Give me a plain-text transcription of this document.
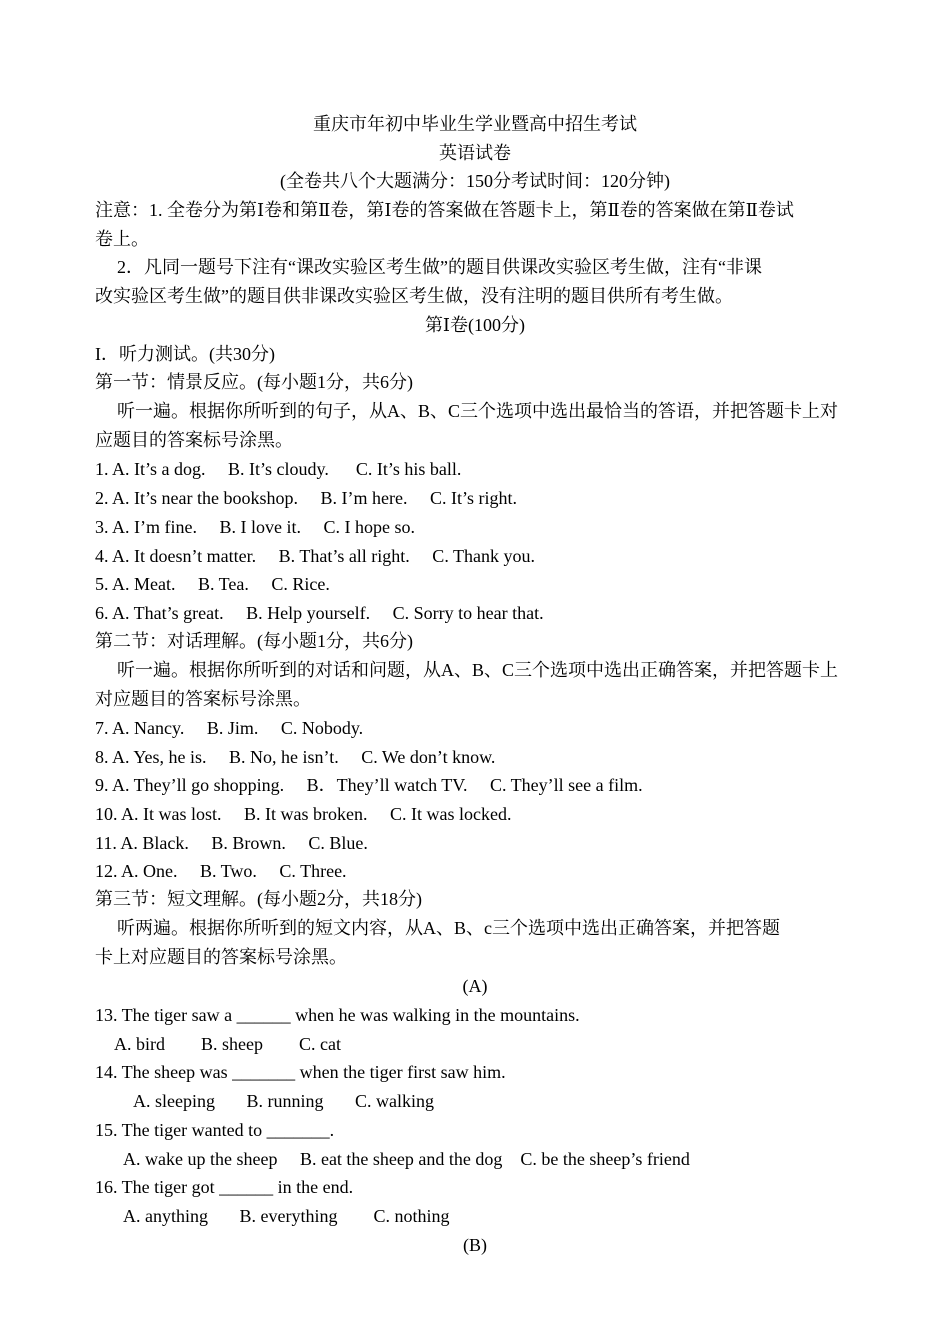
重庆市年初中毕业生学业暨高中招生考试
英语试卷
(全卷共八个大题满分：150分考试时间：120分钟)
注意：1. 全卷分为第Ⅰ卷和第Ⅱ卷，第Ⅰ卷的答案做在答题卡上，第Ⅱ卷的答案做在第Ⅱ卷试
卷上。
2．凡同一题号下注有“课改实验区考生做”的题目供课改实验区考生做，注有“非课
改实验区考生做”的题目供非课改实验区考生做，没有注明的题目供所有考生做。
第Ⅰ卷(100分)
I．听力测试。(共30分)
第一节：情景反应。(每小题1分，共6分)
听一遍。根据你所听到的句子，从A、B、C三个选项中选出最恰当的答语，并把答题卡上对
应题目的答案标号涂黑。
1. A. It’s a dog.     B. It’s cloudy.      C. It’s his ball.
2. A. It’s near the bookshop.     B. I’m here.     C. It’s right.
3. A. I’m fine.     B. I love it.     C. I hope so.
4. A. It doesn’t matter.     B. That’s all right.     C. Thank you.
5. A. Meat.     B. Tea.     C. Rice.
6. A. That’s great.     B. Help yourself.     C. Sorry to hear that.
第二节：对话理解。(每小题1分，共6分)
听一遍。根据你所听到的对话和问题，从A、B、C三个选项中选出正确答案，并把答题卡上
对应题目的答案标号涂黑。
7. A. Nancy.     B. Jim.     C. Nobody.
8. A. Yes, he is.     B. No, he isn’t.     C. We don’t know.
9. A. They’ll go shopping.     B．They’ll watch TV.     C. They’ll see a film.
10. A. It was lost.     B. It was broken.     C. It was locked.
11. A. Black.     B. Brown.     C. Blue.
12. A. One.     B. Two.     C. Three.
第三节：短文理解。(每小题2分，共18分)
听两遍。根据你所听到的短文内容，从A、B、c三个选项中选出正确答案，并把答题
卡上对应题目的答案标号涂黑。
(A)
13. The tiger saw a ______ when he was walking in the mountains.
A. bird        B. sheep        C. cat
14. The sheep was _______ when the tiger first saw him.
A. sleeping       B. running       C. walking
15. The tiger wanted to _______.
A. wake up the sheep     B. eat the sheep and the dog    C. be the sheep’s friend
16. The tiger got ______ in the end.
A. anything       B. everything        C. nothing
(B)
